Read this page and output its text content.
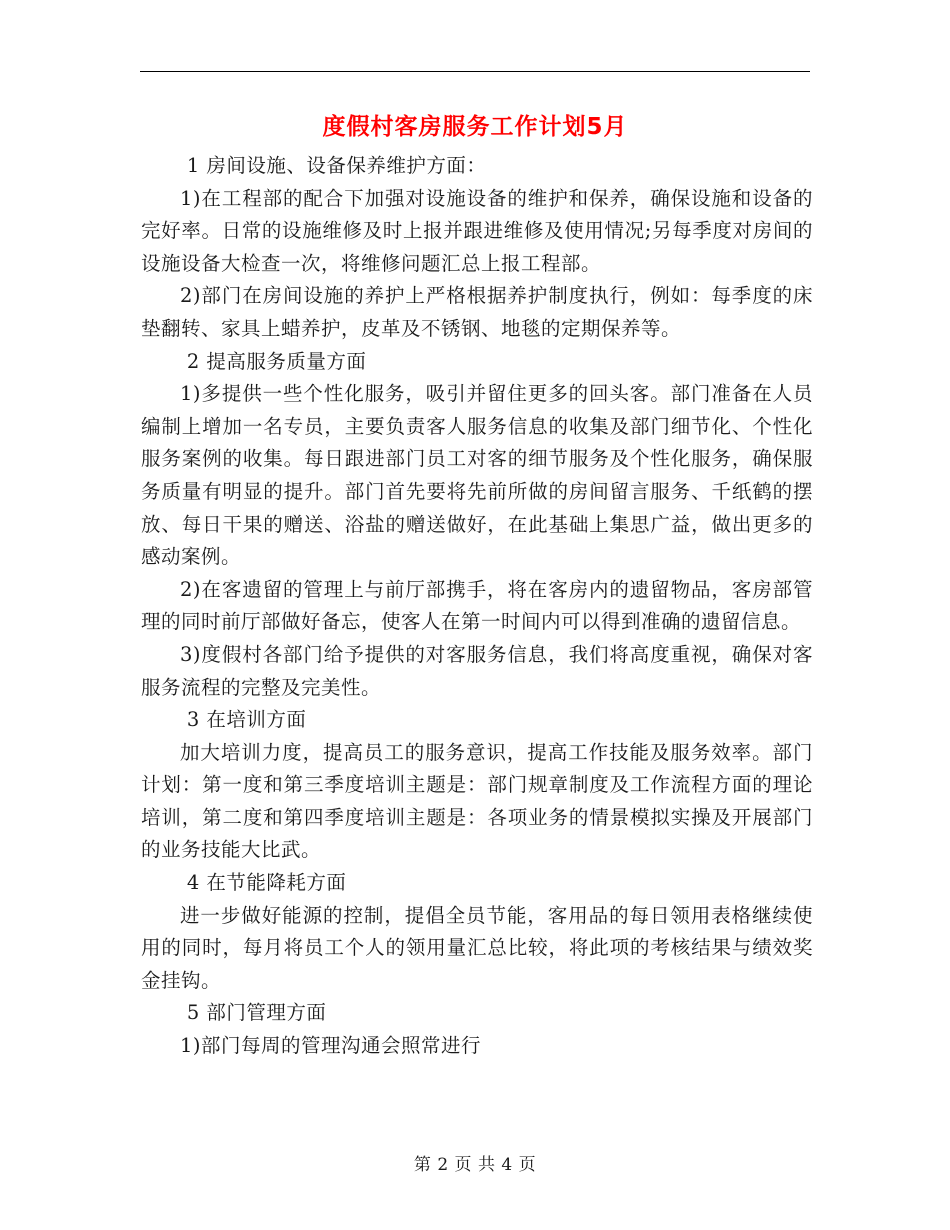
度假村客房服务工作计划5月

1 房间设施、设备保养维护方面：

1)在工程部的配合下加强对设施设备的维护和保养，确保设施和设备的完好率。日常的设施维修及时上报并跟进维修及使用情况;另每季度对房间的设施设备大检查一次，将维修问题汇总上报工程部。

2)部门在房间设施的养护上严格根据养护制度执行，例如：每季度的床垫翻转、家具上蜡养护，皮革及不锈钢、地毯的定期保养等。

2 提高服务质量方面

1)多提供一些个性化服务，吸引并留住更多的回头客。部门准备在人员编制上增加一名专员，主要负责客人服务信息的收集及部门细节化、个性化服务案例的收集。每日跟进部门员工对客的细节服务及个性化服务，确保服务质量有明显的提升。部门首先要将先前所做的房间留言服务、千纸鹤的摆放、每日干果的赠送、浴盐的赠送做好，在此基础上集思广益，做出更多的感动案例。

2)在客遗留的管理上与前厅部携手，将在客房内的遗留物品，客房部管理的同时前厅部做好备忘，使客人在第一时间内可以得到准确的遗留信息。

3)度假村各部门给予提供的对客服务信息，我们将高度重视，确保对客服务流程的完整及完美性。

3 在培训方面

加大培训力度，提高员工的服务意识，提高工作技能及服务效率。部门计划：第一度和第三季度培训主题是：部门规章制度及工作流程方面的理论培训，第二度和第四季度培训主题是：各项业务的情景模拟实操及开展部门的业务技能大比武。

4 在节能降耗方面

进一步做好能源的控制，提倡全员节能，客用品的每日领用表格继续使用的同时，每月将员工个人的领用量汇总比较，将此项的考核结果与绩效奖金挂钩。

5 部门管理方面

1)部门每周的管理沟通会照常进行

第 2 页 共 4 页
